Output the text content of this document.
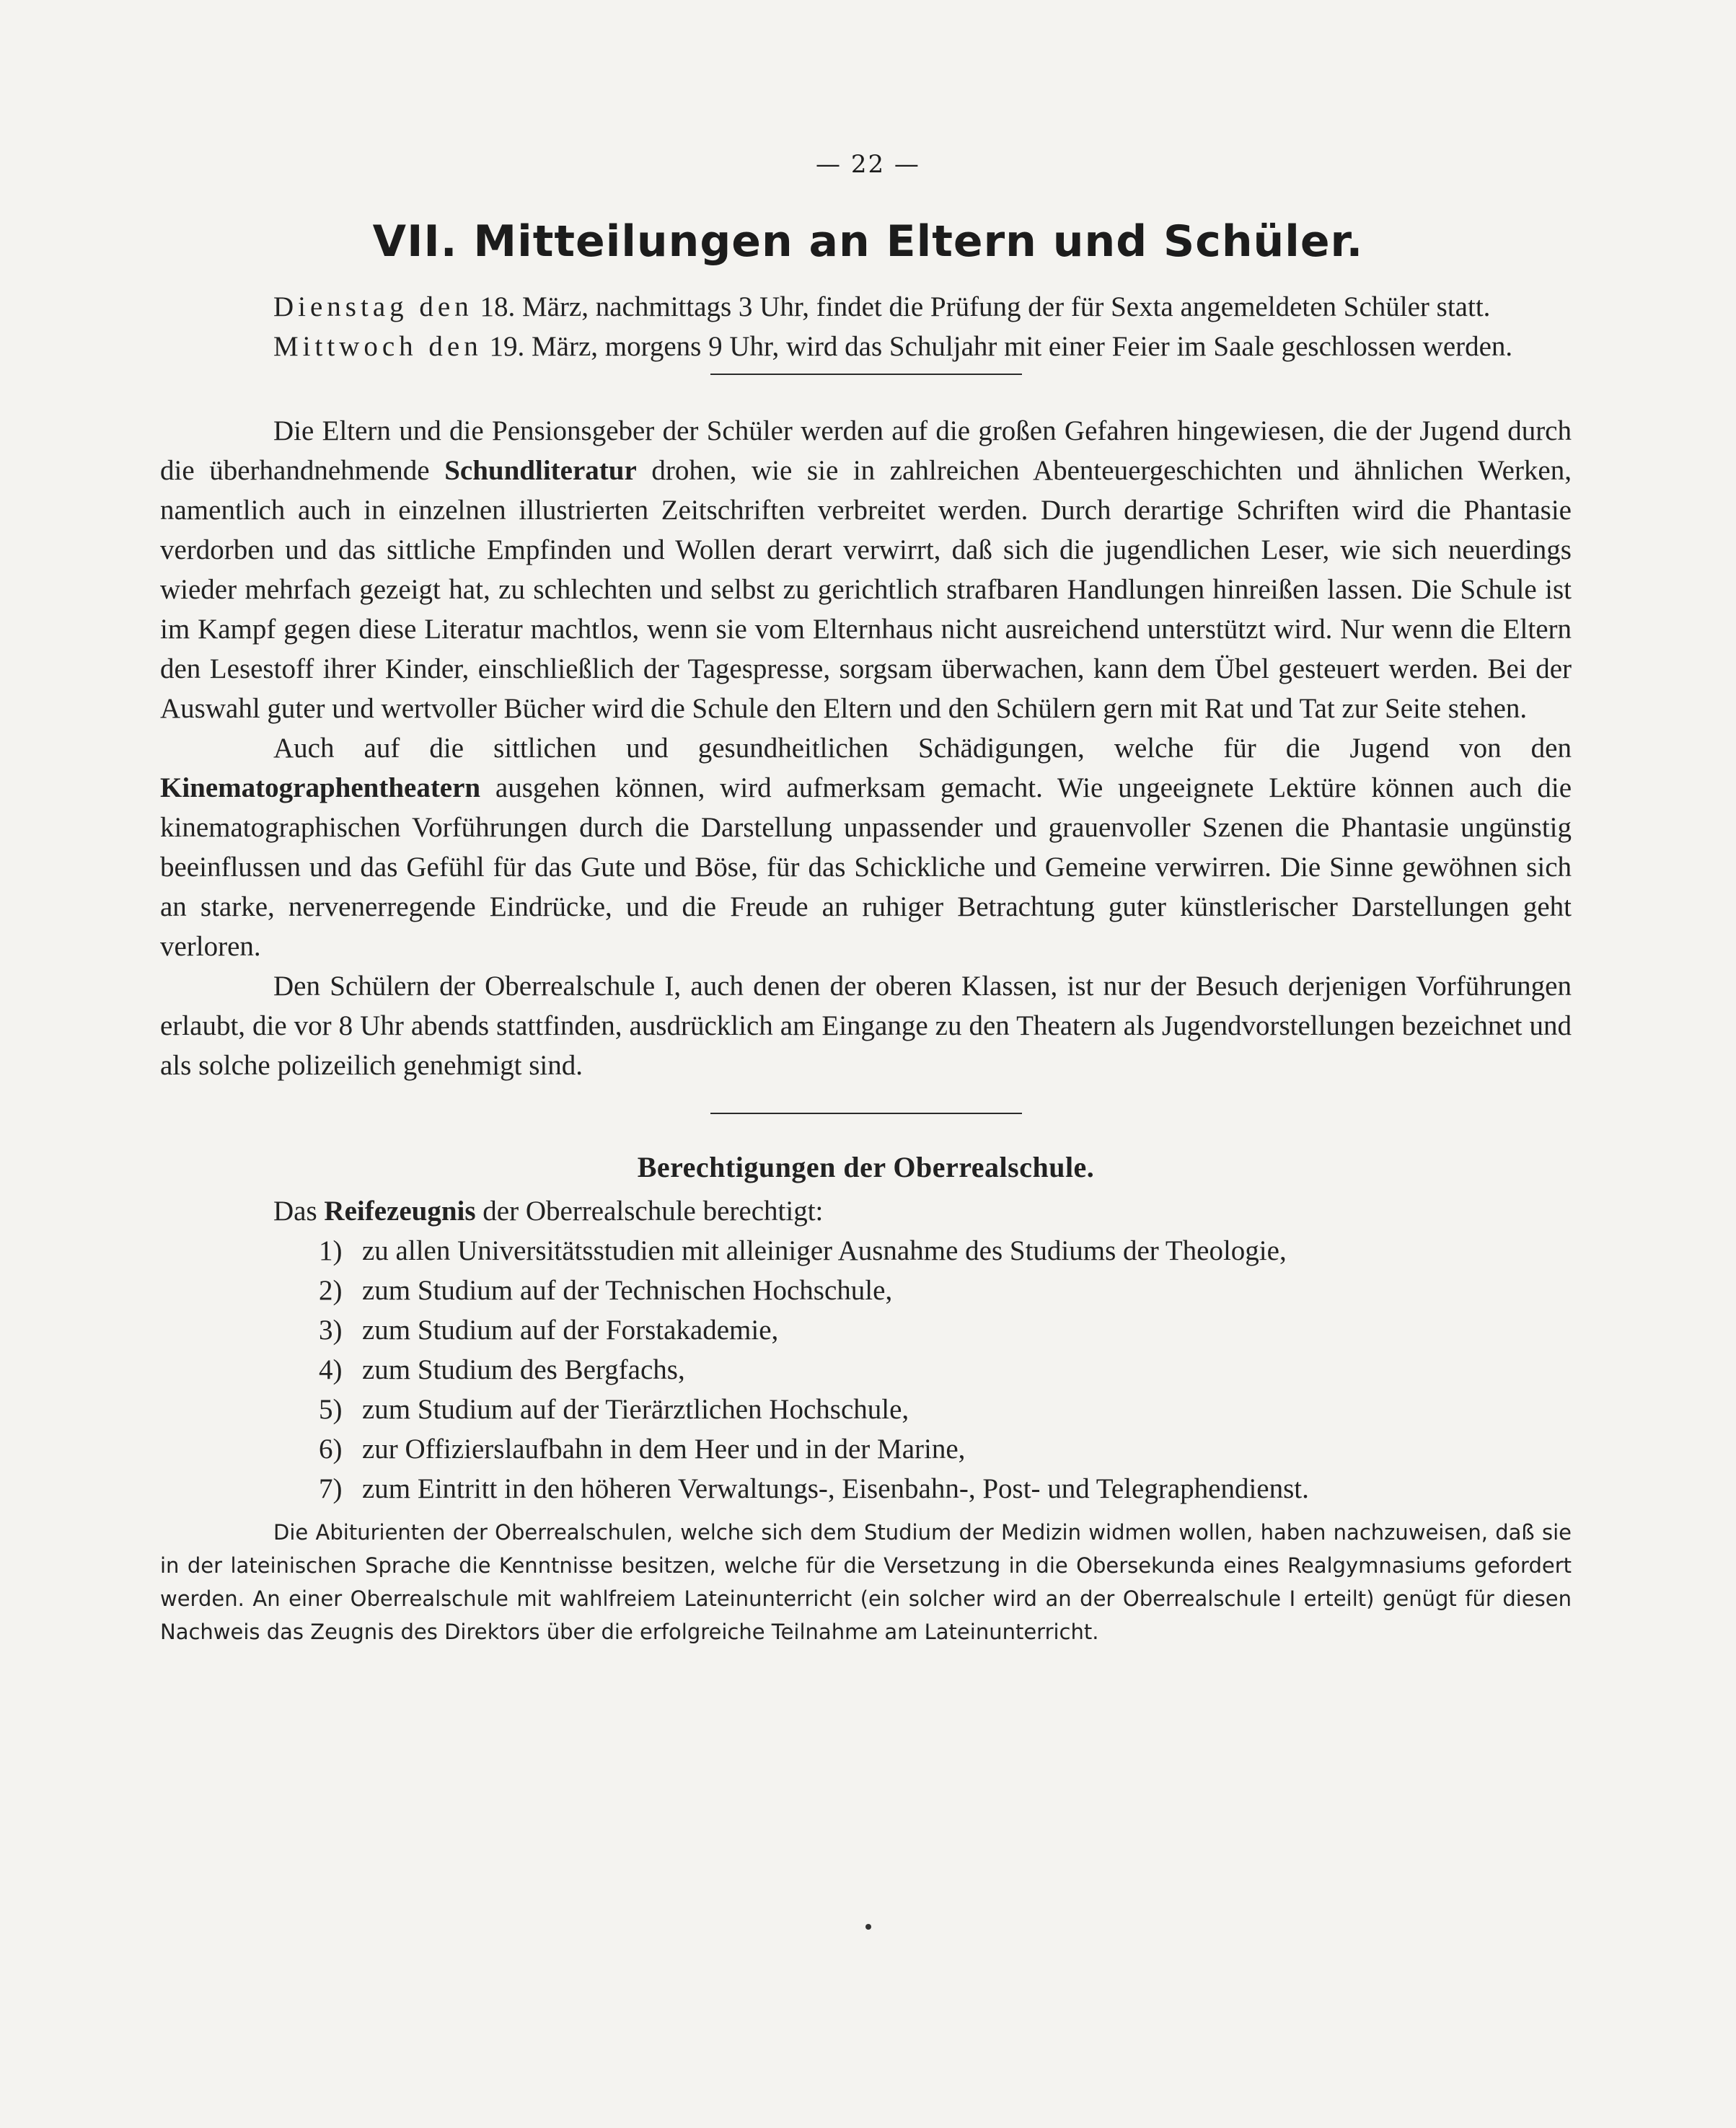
— 22 —
VII. Mitteilungen an Eltern und Schüler.

Dienstag den 18. März, nachmittags 3 Uhr, findet die Prüfung der für Sexta angemeldeten Schüler statt.

Mittwoch den 19. März, morgens 9 Uhr, wird das Schuljahr mit einer Feier im Saale geschlossen werden.

Die Eltern und die Pensionsgeber der Schüler werden auf die großen Gefahren hingewiesen, die der Jugend durch die überhandnehmende Schundliteratur drohen, wie sie in zahlreichen Abenteuergeschichten und ähnlichen Werken, namentlich auch in einzelnen illustrierten Zeitschriften verbreitet werden. Durch derartige Schriften wird die Phantasie verdorben und das sittliche Empfinden und Wollen derart verwirrt, daß sich die jugendlichen Leser, wie sich neuerdings wieder mehrfach gezeigt hat, zu schlechten und selbst zu gerichtlich strafbaren Handlungen hinreißen lassen. Die Schule ist im Kampf gegen diese Literatur machtlos, wenn sie vom Elternhaus nicht ausreichend unterstützt wird. Nur wenn die Eltern den Lesestoff ihrer Kinder, einschließlich der Tagespresse, sorgsam überwachen, kann dem Übel gesteuert werden. Bei der Auswahl guter und wertvoller Bücher wird die Schule den Eltern und den Schülern gern mit Rat und Tat zur Seite stehen.

Auch auf die sittlichen und gesundheitlichen Schädigungen, welche für die Jugend von den Kinematographentheatern ausgehen können, wird aufmerksam gemacht. Wie ungeeignete Lektüre können auch die kinematographischen Vorführungen durch die Darstellung unpassender und grauenvoller Szenen die Phantasie ungünstig beeinflussen und das Gefühl für das Gute und Böse, für das Schickliche und Gemeine verwirren. Die Sinne gewöhnen sich an starke, nervenerregende Eindrücke, und die Freude an ruhiger Betrachtung guter künstlerischer Darstellungen geht verloren.

Den Schülern der Oberrealschule I, auch denen der oberen Klassen, ist nur der Besuch derjenigen Vorführungen erlaubt, die vor 8 Uhr abends stattfinden, ausdrücklich am Eingange zu den Theatern als Jugendvorstellungen bezeichnet und als solche polizeilich genehmigt sind.

Berechtigungen der Oberrealschule.
Das Reifezeugnis der Oberrealschule berechtigt:
1) zu allen Universitätsstudien mit alleiniger Ausnahme des Studiums der Theologie,
2) zum Studium auf der Technischen Hochschule,
3) zum Studium auf der Forstakademie,
4) zum Studium des Bergfachs,
5) zum Studium auf der Tierärztlichen Hochschule,
6) zur Offizierslaufbahn in dem Heer und in der Marine,
7) zum Eintritt in den höheren Verwaltungs-, Eisenbahn-, Post- und Telegraphendienst.
Die Abiturienten der Oberrealschulen, welche sich dem Studium der Medizin widmen wollen, haben nachzuweisen, daß sie in der lateinischen Sprache die Kenntnisse besitzen, welche für die Versetzung in die Obersekunda eines Realgymnasiums gefordert werden. An einer Oberrealschule mit wahlfreiem Lateinunterricht (ein solcher wird an der Oberrealschule I erteilt) genügt für diesen Nachweis das Zeugnis des Direktors über die erfolgreiche Teilnahme am Lateinunterricht.
